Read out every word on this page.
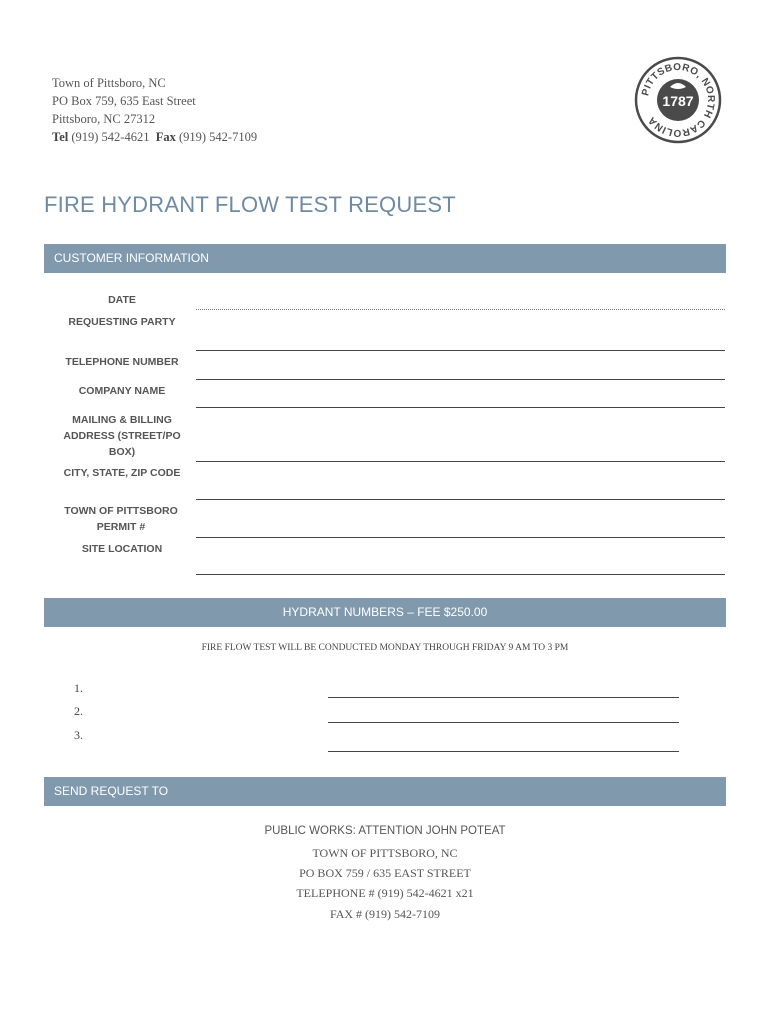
Town of Pittsboro, NC
PO Box 759, 635 East Street
Pittsboro, NC 27312
Tel (919) 542-4621 Fax (919) 542-7109
PITTSBORO, NORTH CAROLINA
1787
FIRE HYDRANT FLOW TEST REQUEST
CUSTOMER INFORMATION
DATE
REQUESTING PARTY
TELEPHONE NUMBER
COMPANY NAME
MAILING & BILLING ADDRESS (STREET/PO BOX)
CITY, STATE, ZIP CODE
TOWN OF PITTSBORO PERMIT #
SITE LOCATION
HYDRANT NUMBERS – FEE $250.00
FIRE FLOW TEST WILL BE CONDUCTED MONDAY THROUGH FRIDAY 9 AM TO 3 PM
1.
2.
3.
SEND REQUEST TO
PUBLIC WORKS: ATTENTION JOHN POTEAT
TOWN OF PITTSBORO, NC
PO BOX 759 / 635 EAST STREET
TELEPHONE # (919) 542-4621 x21
FAX # (919) 542-7109
